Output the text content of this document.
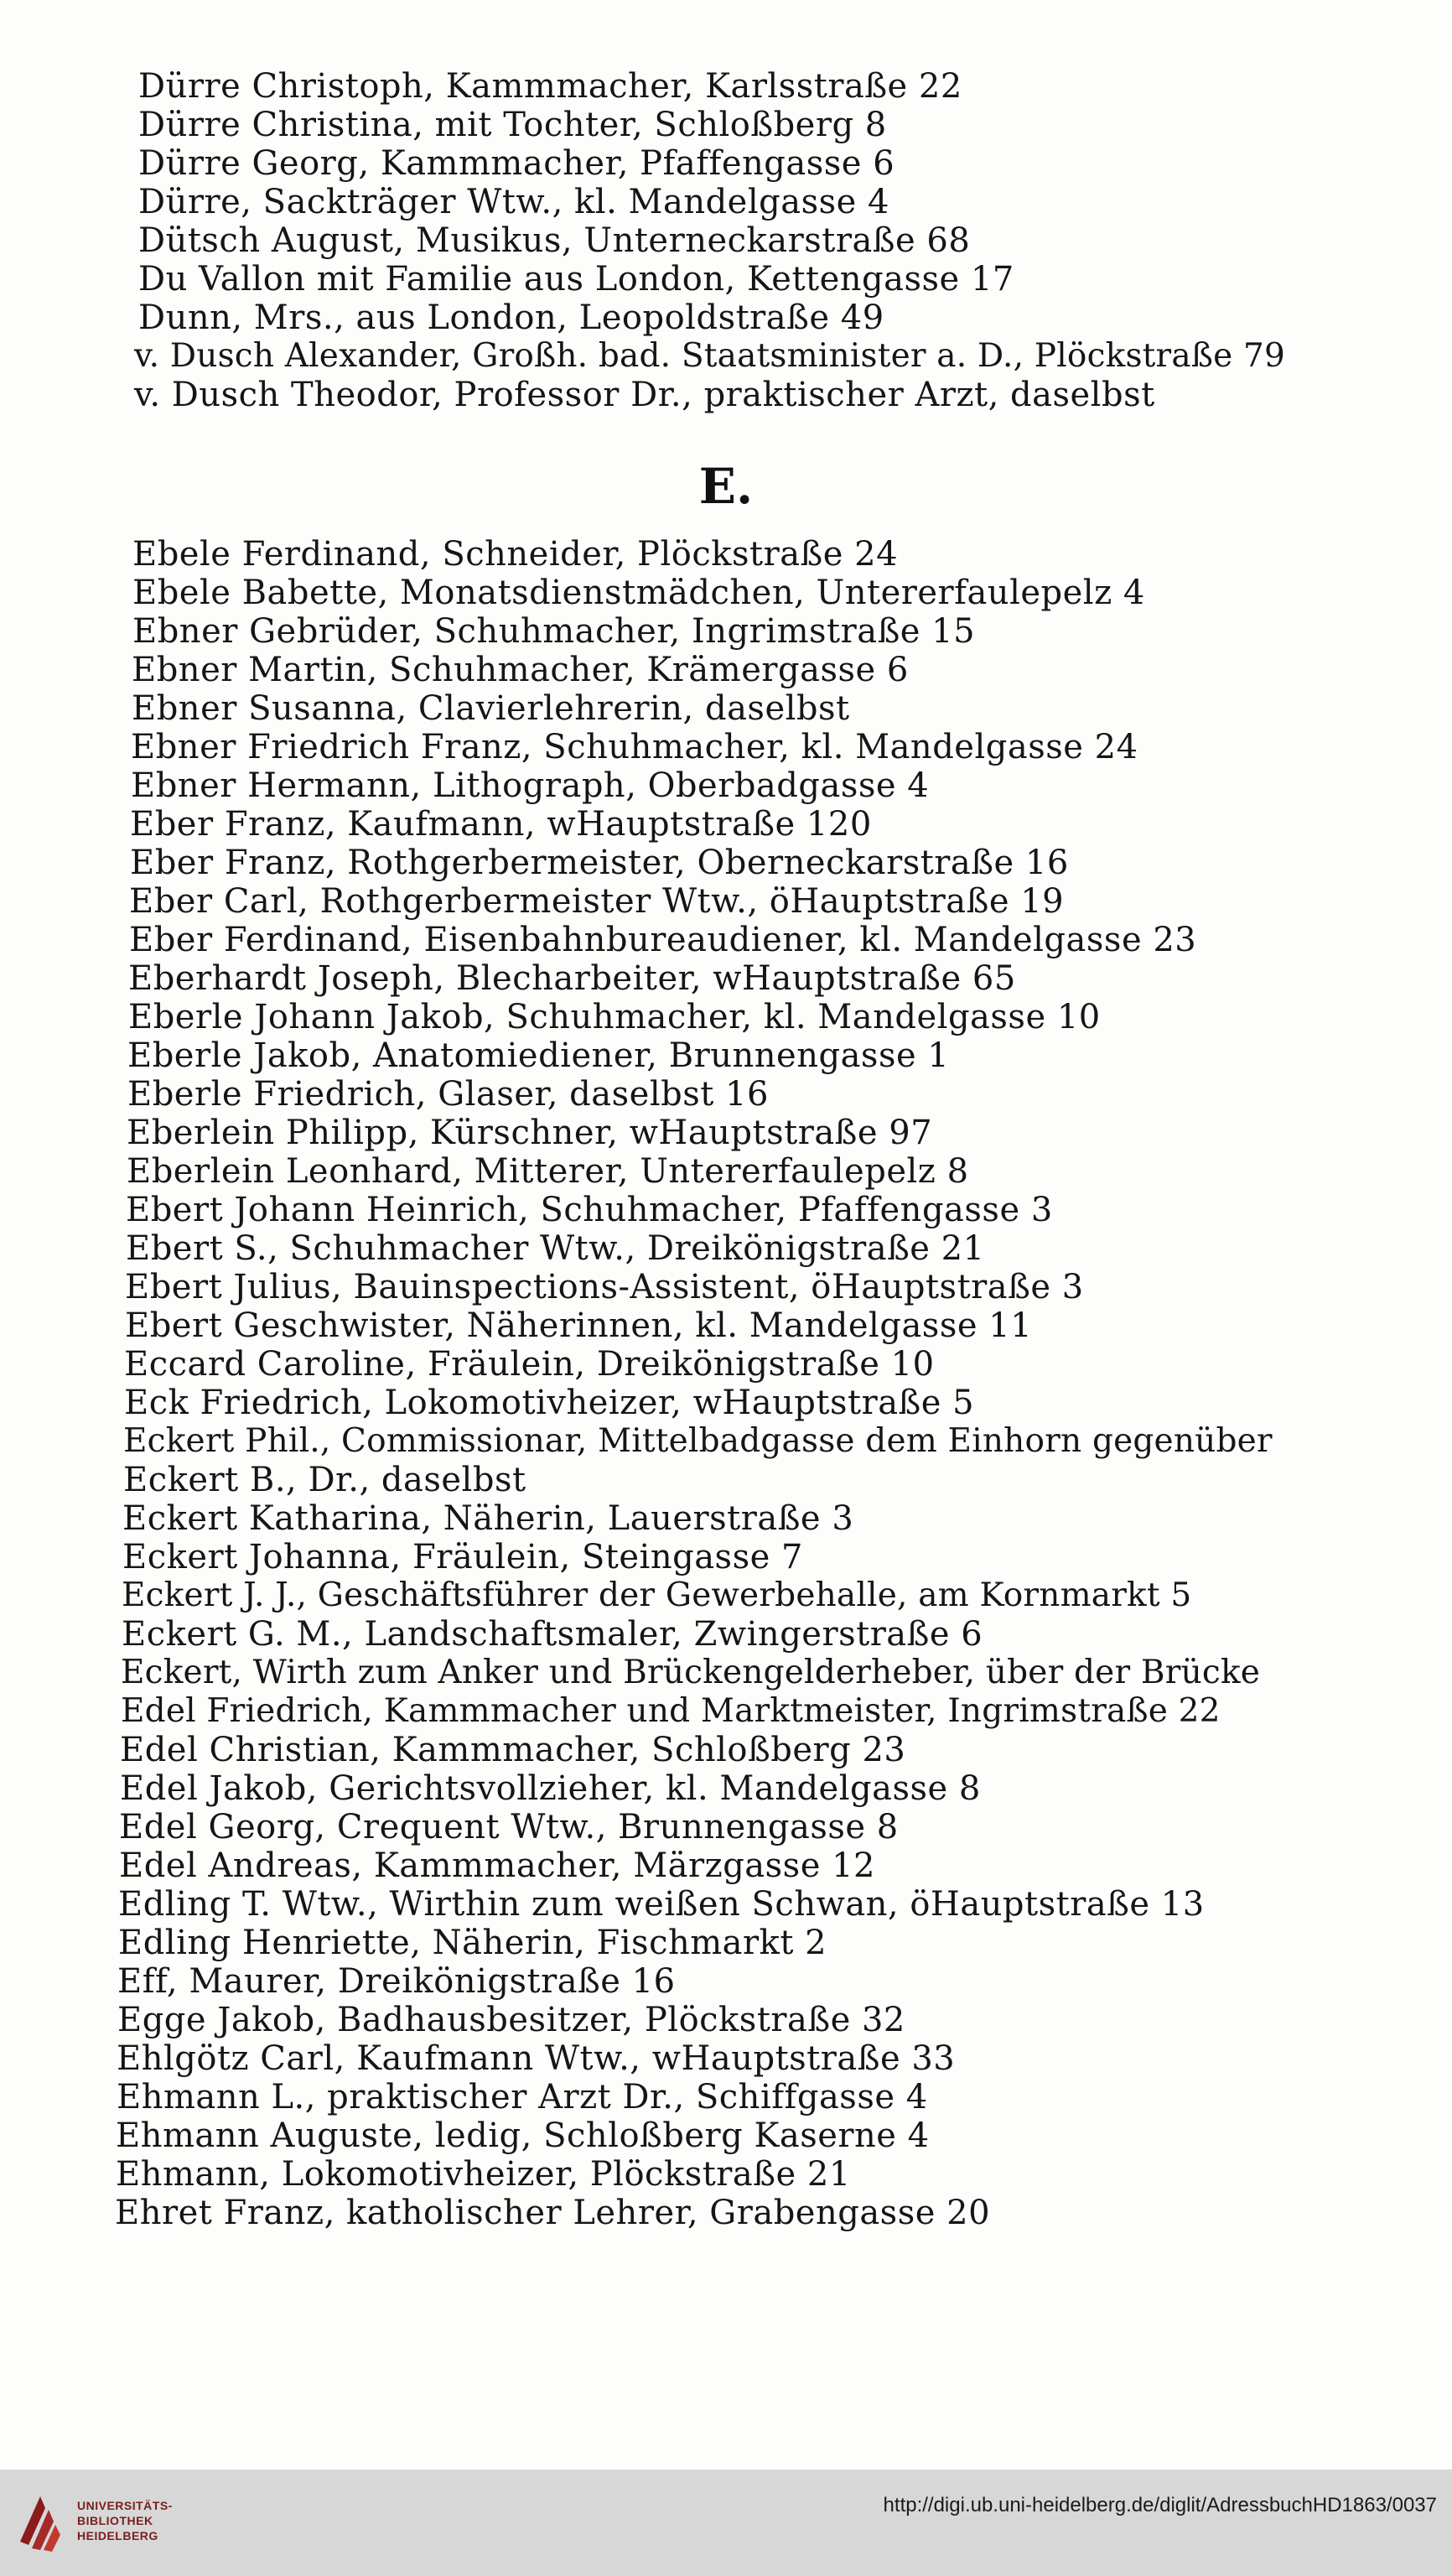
Dürre Christoph, Kammmacher, Karlsstraße 22
Dürre Christina, mit Tochter, Schloßberg 8
Dürre Georg, Kammmacher, Pfaffengasse 6
Dürre, Sackträger Wtw., kl. Mandelgasse 4
Dütsch August, Musikus, Unterneckarstraße 68
Du Vallon mit Familie aus London, Kettengasse 17
Dunn, Mrs., aus London, Leopoldstraße 49
v. Dusch Alexander, Großh. bad. Staatsminister a. D., Plöckstraße 79
v. Dusch Theodor, Professor Dr., praktischer Arzt, daselbst
E.
Ebele Ferdinand, Schneider, Plöckstraße 24
Ebele Babette, Monatsdienstmädchen, Untererfaulepelz 4
Ebner Gebrüder, Schuhmacher, Ingrimstraße 15
Ebner Martin, Schuhmacher, Krämergasse 6
Ebner Susanna, Clavierlehrerin, daselbst
Ebner Friedrich Franz, Schuhmacher, kl. Mandelgasse 24
Ebner Hermann, Lithograph, Oberbadgasse 4
Eber Franz, Kaufmann, wHauptstraße 120
Eber Franz, Rothgerbermeister, Oberneckarstraße 16
Eber Carl, Rothgerbermeister Wtw., öHauptstraße 19
Eber Ferdinand, Eisenbahnbureaudiener, kl. Mandelgasse 23
Eberhardt Joseph, Blecharbeiter, wHauptstraße 65
Eberle Johann Jakob, Schuhmacher, kl. Mandelgasse 10
Eberle Jakob, Anatomiediener, Brunnengasse 1
Eberle Friedrich, Glaser, daselbst 16
Eberlein Philipp, Kürschner, wHauptstraße 97
Eberlein Leonhard, Mitterer, Untererfaulepelz 8
Ebert Johann Heinrich, Schuhmacher, Pfaffengasse 3
Ebert S., Schuhmacher Wtw., Dreikönigstraße 21
Ebert Julius, Bauinspections-Assistent, öHauptstraße 3
Ebert Geschwister, Näherinnen, kl. Mandelgasse 11
Eccard Caroline, Fräulein, Dreikönigstraße 10
Eck Friedrich, Lokomotivheizer, wHauptstraße 5
Eckert Phil., Commissionar, Mittelbadgasse dem Einhorn gegenüber
Eckert B., Dr., daselbst
Eckert Katharina, Näherin, Lauerstraße 3
Eckert Johanna, Fräulein, Steingasse 7
Eckert J. J., Geschäftsführer der Gewerbehalle, am Kornmarkt 5
Eckert G. M., Landschaftsmaler, Zwingerstraße 6
Eckert, Wirth zum Anker und Brückengelderheber, über der Brücke
Edel Friedrich, Kammmacher und Marktmeister, Ingrimstraße 22
Edel Christian, Kammmacher, Schloßberg 23
Edel Jakob, Gerichtsvollzieher, kl. Mandelgasse 8
Edel Georg, Crequent Wtw., Brunnengasse 8
Edel Andreas, Kammmacher, Märzgasse 12
Edling T. Wtw., Wirthin zum weißen Schwan, öHauptstraße 13
Edling Henriette, Näherin, Fischmarkt 2
Eff, Maurer, Dreikönigstraße 16
Egge Jakob, Badhausbesitzer, Plöckstraße 32
Ehlgötz Carl, Kaufmann Wtw., wHauptstraße 33
Ehmann L., praktischer Arzt Dr., Schiffgasse 4
Ehmann Auguste, ledig, Schloßberg Kaserne 4
Ehmann, Lokomotivheizer, Plöckstraße 21
Ehret Franz, katholischer Lehrer, Grabengasse 20
UNIVERSITÄTS-
BIBLIOTHEK
HEIDELBERG
http://digi.ub.uni-heidelberg.de/diglit/AdressbuchHD1863/0037
